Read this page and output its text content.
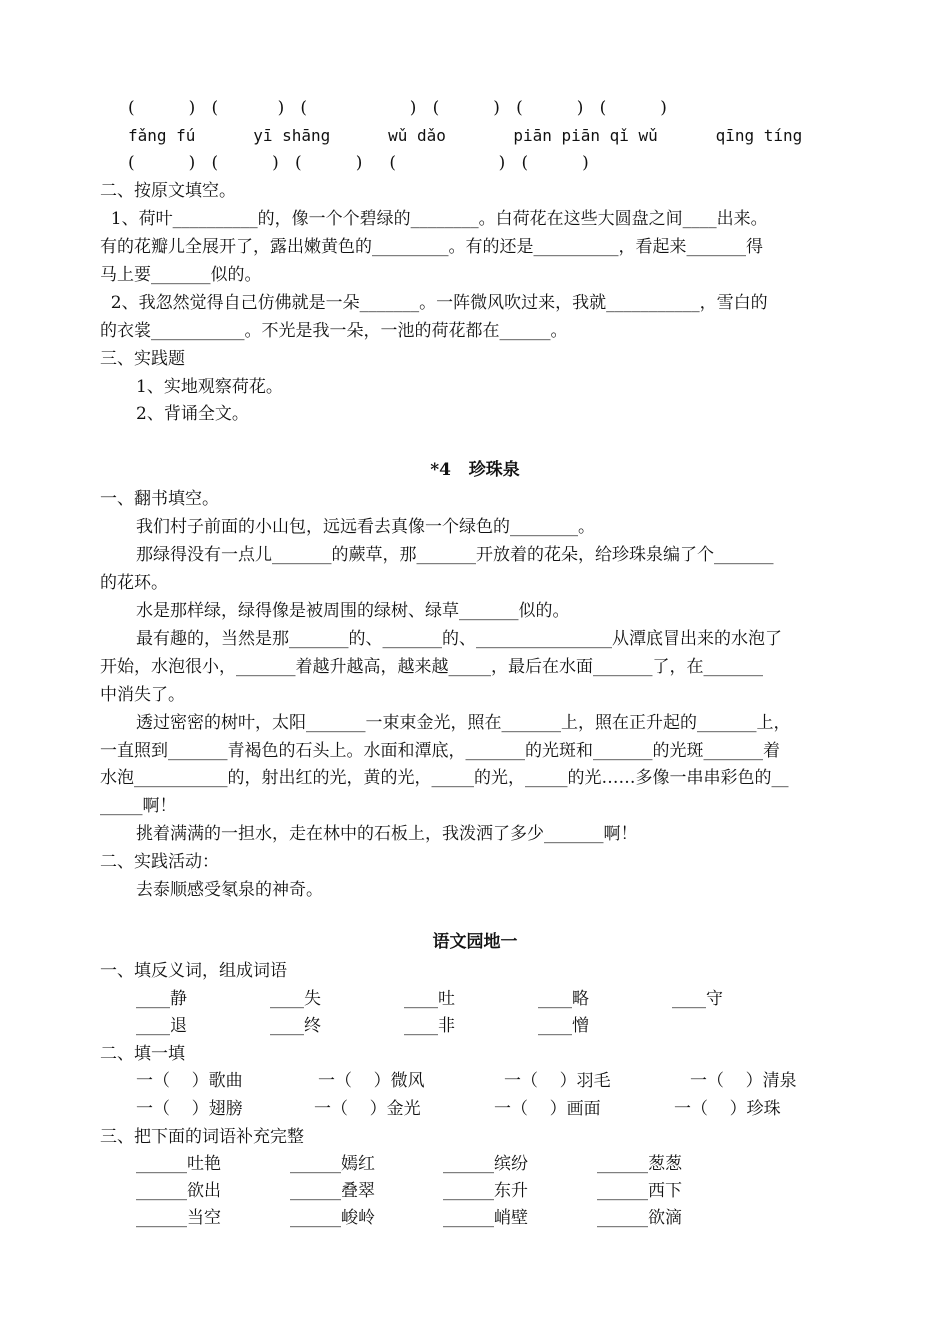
(          )   (           )   (                   )   (          )   (          )   (          )
fǎng fú      yī shāng      wǔ dǎo       piān piān qǐ wǔ      qīng tíng
(          )   (          )   (          )     (                   )   (          )
二、按原文填空。
1、荷叶__________的，像一个个碧绿的________。白荷花在这些大圆盘之间____出来。
有的花瓣儿全展开了，露出嫩黄色的_________。有的还是__________，看起来_______得
马上要_______似的。
2、我忽然觉得自己仿佛就是一朵_______。一阵微风吹过来，我就___________，雪白的
的衣裳___________。不光是我一朵，一池的荷花都在______。
三、实践题
1、实地观察荷花。
2、背诵全文。
*4   珍珠泉
一、翻书填空。
我们村子前面的小山包，远远看去真像一个绿色的________。
那绿得没有一点儿_______的蕨草，那_______开放着的花朵，给珍珠泉编了个_______
的花环。
水是那样绿，绿得像是被周围的绿树、绿草_______似的。
最有趣的，当然是那_______的、_______的、________________从潭底冒出来的水泡了
开始，水泡很小，_______着越升越高，越来越_____，最后在水面_______了，在_______
中消失了。
透过密密的树叶，太阳_______一束束金光，照在_______上，照在正升起的_______上，
一直照到_______青褐色的石头上。水面和潭底，_______的光斑和_______的光斑_______着
水泡___________的，射出红的光，黄的光，_____的光，_____的光……多像一串串彩色的__
_____啊！
挑着满满的一担水，走在林中的石板上，我泼洒了多少_______啊！
二、实践活动：
去泰顺感受氡泉的神奇。
语文园地一
一、填反义词，组成词语
____静	____失	____吐	____略	____守
____退	____终	____非	____憎
二、填一填
一（    ）歌曲	一（    ）微风	一（    ）羽毛	一（    ）清泉
一（    ）翅膀	一（    ）金光	一（    ）画面	一（    ）珍珠
三、把下面的词语补充完整
______吐艳	______嫣红	______缤纷	______葱葱
______欲出	______叠翠	______东升	______西下
______当空	______峻岭	______峭壁	______欲滴
